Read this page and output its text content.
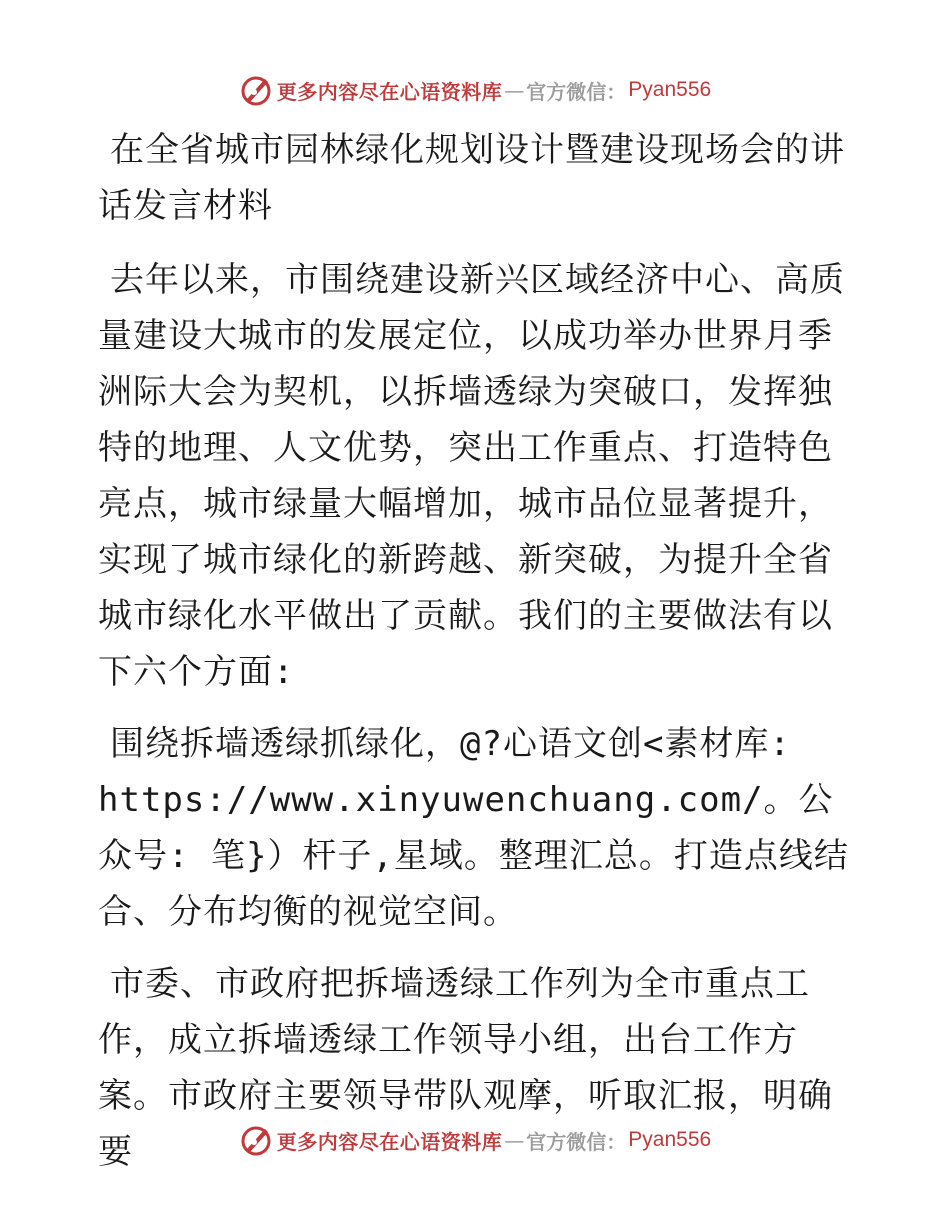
更多内容尽在心语资料库 — 官方微信： Pyan556
在全省城市园林绿化规划设计暨建设现场会的讲话发言材料

去年以来，市围绕建设新兴区域经济中心、高质量建设大城市的发展定位，以成功举办世界月季洲际大会为契机，以拆墙透绿为突破口，发挥独特的地理、人文优势，突出工作重点、打造特色亮点，城市绿量大幅增加，城市品位显著提升，实现了城市绿化的新跨越、新突破，为提升全省城市绿化水平做出了贡献。我们的主要做法有以下六个方面:

围绕拆墙透绿抓绿化，@?心语文创<素材库: https://www.xinyuwenchuang.com/。公众号: 笔}）杆子,星域。整理汇总。打造点线结合、分布均衡的视觉空间。

市委、市政府把拆墙透绿工作列为全市重点工作，成立拆墙透绿工作领导小组，出台工作方案。市政府主要领导带队观摩，听取汇报，明确要	更多内容尽在心语资料库 — 官方微信： Pyan556
